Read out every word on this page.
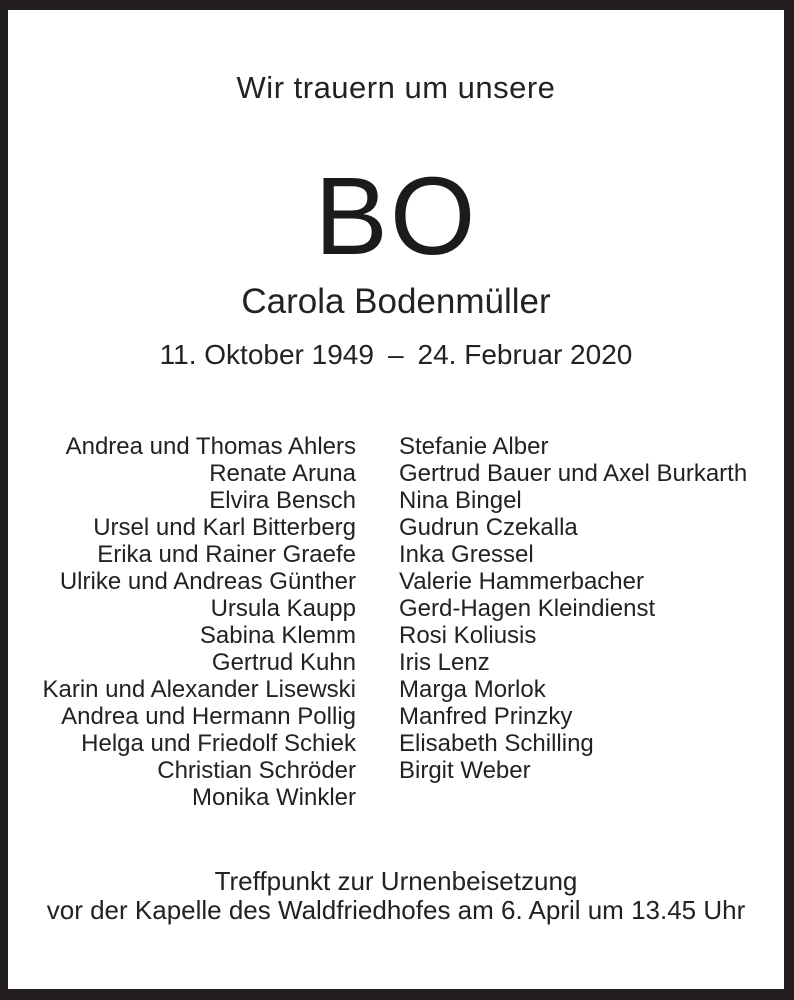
Wir trauern um unsere
BO
Carola Bodenmüller
11. Oktober 1949 – 24. Februar 2020
Andrea und Thomas Ahlers
Renate Aruna
Elvira Bensch
Ursel und Karl Bitterberg
Erika und Rainer Graefe
Ulrike und Andreas Günther
Ursula Kaupp
Sabina Klemm
Gertrud Kuhn
Karin und Alexander Lisewski
Andrea und Hermann Pollig
Helga und Friedolf Schiek
Christian Schröder
Monika Winkler
Stefanie Alber
Gertrud Bauer und Axel Burkarth
Nina Bingel
Gudrun Czekalla
Inka Gressel
Valerie Hammerbacher
Gerd-Hagen Kleindienst
Rosi Koliusis
Iris Lenz
Marga Morlok
Manfred Prinzky
Elisabeth Schilling
Birgit Weber
Treffpunkt zur Urnenbeisetzung
vor der Kapelle des Waldfriedhofes am 6. April um 13.45 Uhr
